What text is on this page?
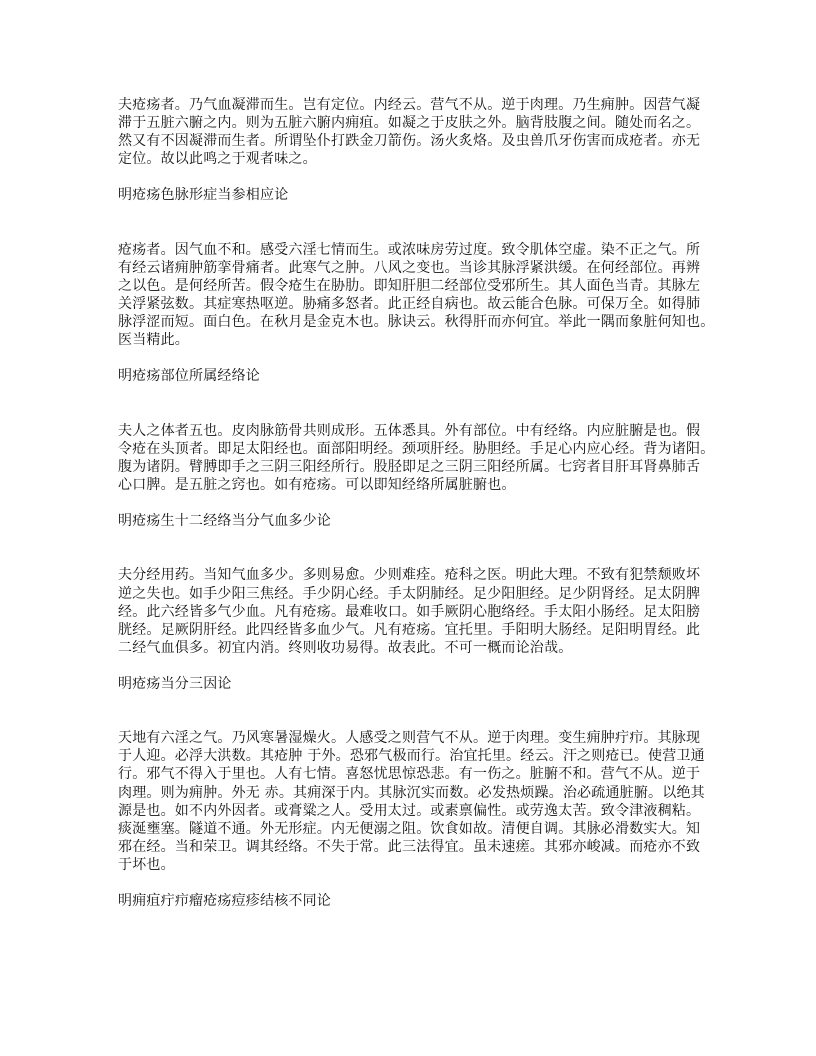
夫疮疡者。乃气血凝滞而生。岂有定位。内经云。营气不从。逆于肉理。乃生痈肿。因营气凝
滞于五脏六腑之内。则为五脏六腑内痈疽。如凝之于皮肤之外。脑背肢腹之间。随处而名之。
然又有不因凝滞而生者。所谓坠仆打跌金刀箭伤。汤火炙烙。及虫兽爪牙伤害而成疮者。亦无
定位。故以此鸣之于观者味之。
明疮疡色脉形症当参相应论
疮疡者。因气血不和。感受六淫七情而生。或浓味房劳过度。致令肌体空虚。染不正之气。所
有经云诸痈肿筋挛骨痛者。此寒气之肿。八风之变也。当诊其脉浮紧洪缓。在何经部位。再辨
之以色。是何经所苦。假令疮生在胁肋。即知肝胆二经部位受邪所生。其人面色当青。其脉左
关浮紧弦数。其症寒热呕逆。胁痛多怒者。此正经自病也。故云能合色脉。可保万全。如得肺
脉浮涩而短。面白色。在秋月是金克木也。脉诀云。秋得肝而亦何宜。举此一隅而象脏何知也。
医当精此。
明疮疡部位所属经络论
夫人之体者五也。皮肉脉筋骨共则成形。五体悉具。外有部位。中有经络。内应脏腑是也。假
令疮在头顶者。即足太阳经也。面部阳明经。颈项肝经。胁胆经。手足心内应心经。背为诸阳。
腹为诸阴。臂膊即手之三阴三阳经所行。股胫即足之三阴三阳经所属。七窍者目肝耳肾鼻肺舌
心口脾。是五脏之窍也。如有疮疡。可以即知经络所属脏腑也。
明疮疡生十二经络当分气血多少论
夫分经用药。当知气血多少。多则易愈。少则难痊。疮科之医。明此大理。不致有犯禁颓败坏
逆之失也。如手少阳三焦经。手少阴心经。手太阴肺经。足少阳胆经。足少阴肾经。足太阴脾
经。此六经皆多气少血。凡有疮疡。最难收口。如手厥阴心胞络经。手太阳小肠经。足太阳膀
胱经。足厥阴肝经。此四经皆多血少气。凡有疮疡。宜托里。手阳明大肠经。足阳明胃经。此
二经气血俱多。初宜内消。终则收功易得。故表此。不可一概而论治哉。
明疮疡当分三因论
天地有六淫之气。乃风寒暑湿燥火。人感受之则营气不从。逆于肉理。变生痈肿疔疖。其脉现
于人迎。必浮大洪数。其疮肿 于外。恐邪气极而行。治宜托里。经云。汗之则疮已。使营卫通
行。邪气不得入于里也。人有七情。喜怒忧思惊恐悲。有一伤之。脏腑不和。营气不从。逆于
肉理。则为痈肿。外无 赤。其痈深于内。其脉沉实而数。必发热烦躁。治必疏通脏腑。以绝其
源是也。如不内外因者。或膏粱之人。受用太过。或素禀偏性。或劳逸太苦。致令津液稠粘。
痰涎壅塞。隧道不通。外无形症。内无便溺之阻。饮食如故。清便自调。其脉必滑数实大。知
邪在经。当和荣卫。调其经络。不失于常。此三法得宜。虽未速瘥。其邪亦峻减。而疮亦不致
于坏也。
明痈疽疔疖瘤疮疡痘疹结核不同论
